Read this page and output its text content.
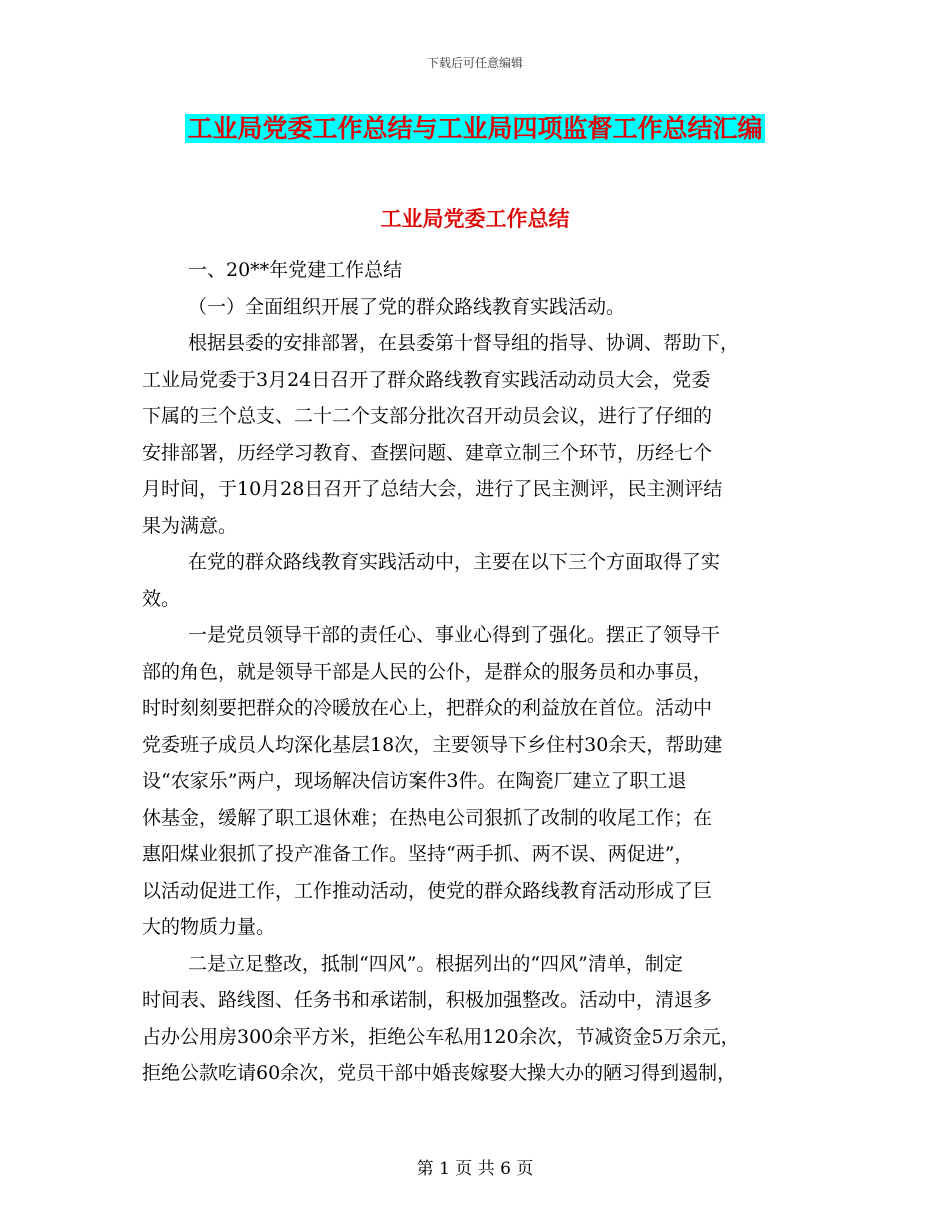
下载后可任意编辑
工业局党委工作总结与工业局四项监督工作总结汇编
工业局党委工作总结
一、20**年党建工作总结
（一）全面组织开展了党的群众路线教育实践活动。
根据县委的安排部署，在县委第十督导组的指导、协调、帮助下，
工业局党委于3月24日召开了群众路线教育实践活动动员大会，党委
下属的三个总支、二十二个支部分批次召开动员会议，进行了仔细的
安排部署，历经学习教育、查摆问题、建章立制三个环节，历经七个
月时间，于10月28日召开了总结大会，进行了民主测评，民主测评结
果为满意。
在党的群众路线教育实践活动中，主要在以下三个方面取得了实
效。
一是党员领导干部的责任心、事业心得到了强化。摆正了领导干
部的角色，就是领导干部是人民的公仆，是群众的服务员和办事员，
时时刻刻要把群众的冷暖放在心上，把群众的利益放在首位。活动中
党委班子成员人均深化基层18次，主要领导下乡住村30余天，帮助建
设“农家乐”两户，现场解决信访案件3件。在陶瓷厂建立了职工退
休基金，缓解了职工退休难；在热电公司狠抓了改制的收尾工作；在
惠阳煤业狠抓了投产准备工作。坚持“两手抓、两不误、两促进”，
以活动促进工作，工作推动活动，使党的群众路线教育活动形成了巨
大的物质力量。
二是立足整改，抵制“四风”。根据列出的“四风”清单，制定
时间表、路线图、任务书和承诺制，积极加强整改。活动中，清退多
占办公用房300余平方米，拒绝公车私用120余次，节减资金5万余元，
拒绝公款吃请60余次，党员干部中婚丧嫁娶大操大办的陋习得到遏制，
第 1 页 共 6 页
